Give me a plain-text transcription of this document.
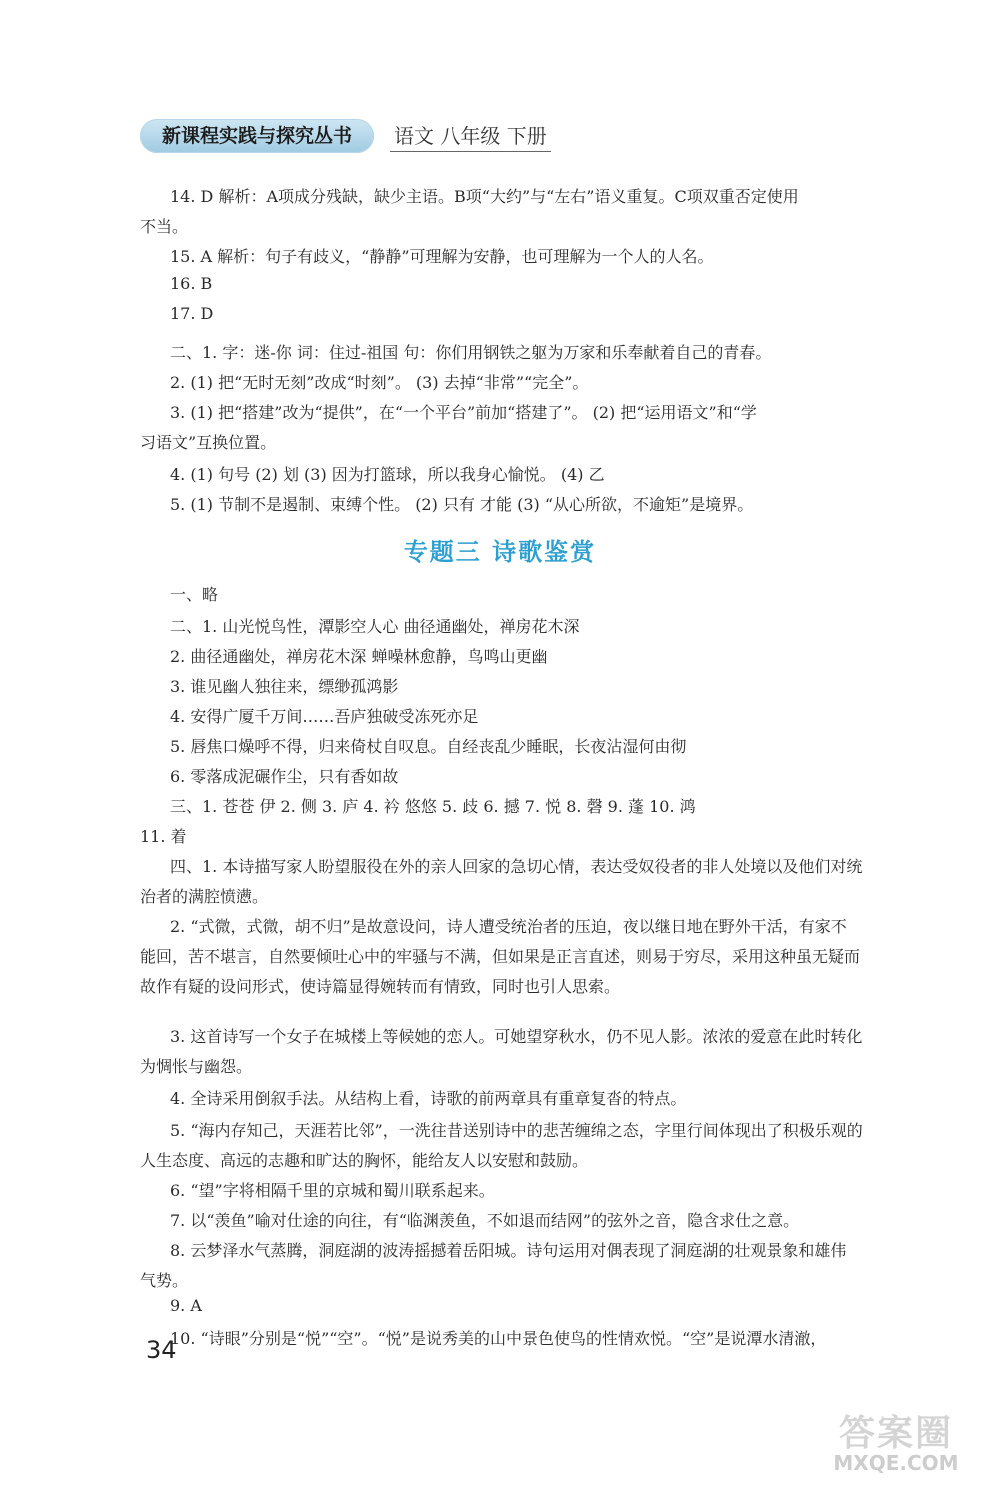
新课程实践与探究丛书	语文 八年级 下册
14. D 解析：A项成分残缺，缺少主语。B项“大约”与“左右”语义重复。C项双重否定使用
不当。
15. A 解析：句子有歧义，“静静”可理解为安静，也可理解为一个人的人名。
16. B
17. D
二、1. 字：迷-你 词：住过-祖国 句：你们用钢铁之躯为万家和乐奉献着自己的青春。
2. (1) 把“无时无刻”改成“时刻”。 (3) 去掉“非常”“完全”。
3. (1) 把“搭建”改为“提供”，在“一个平台”前加“搭建了”。 (2) 把“运用语文”和“学
习语文”互换位置。
4. (1) 句号 (2) 划 (3) 因为打篮球，所以我身心愉悦。 (4) 乙
5. (1) 节制不是遏制、束缚个性。 (2) 只有 才能 (3) “从心所欲，不逾矩”是境界。
专题三 诗歌鉴赏
一、略
二、1. 山光悦鸟性，潭影空人心 曲径通幽处，禅房花木深
2. 曲径通幽处，禅房花木深 蝉噪林愈静，鸟鸣山更幽
3. 谁见幽人独往来，缥缈孤鸿影
4. 安得广厦千万间……吾庐独破受冻死亦足
5. 唇焦口燥呼不得，归来倚杖自叹息。自经丧乱少睡眠，长夜沾湿何由彻
6. 零落成泥碾作尘，只有香如故
三、1. 苍苍 伊 2. 侧 3. 庐 4. 衿 悠悠 5. 歧 6. 撼 7. 悦 8. 磬 9. 蓬 10. 鸿
11. 着
四、1. 本诗描写家人盼望服役在外的亲人回家的急切心情，表达受奴役者的非人处境以及他们对统
治者的满腔愤懑。
2. “式微，式微，胡不归”是故意设问，诗人遭受统治者的压迫，夜以继日地在野外干活，有家不
能回，苦不堪言，自然要倾吐心中的牢骚与不满，但如果是正言直述，则易于穷尽，采用这种虽无疑而
故作有疑的设问形式，使诗篇显得婉转而有情致，同时也引人思索。
3. 这首诗写一个女子在城楼上等候她的恋人。可她望穿秋水，仍不见人影。浓浓的爱意在此时转化
为惆怅与幽怨。
4. 全诗采用倒叙手法。从结构上看，诗歌的前两章具有重章复沓的特点。
5. “海内存知己，天涯若比邻”，一洗往昔送别诗中的悲苦缠绵之态，字里行间体现出了积极乐观的
人生态度、高远的志趣和旷达的胸怀，能给友人以安慰和鼓励。
6. “望”字将相隔千里的京城和蜀川联系起来。
7. 以“羡鱼”喻对仕途的向往，有“临渊羡鱼，不如退而结网”的弦外之音，隐含求仕之意。
8. 云梦泽水气蒸腾，洞庭湖的波涛摇撼着岳阳城。诗句运用对偶表现了洞庭湖的壮观景象和雄伟
气势。
9. A
10. “诗眼”分别是“悦”“空”。“悦”是说秀美的山中景色使鸟的性情欢悦。“空”是说潭水清澈，
34
答案圈
MXQE.COM
